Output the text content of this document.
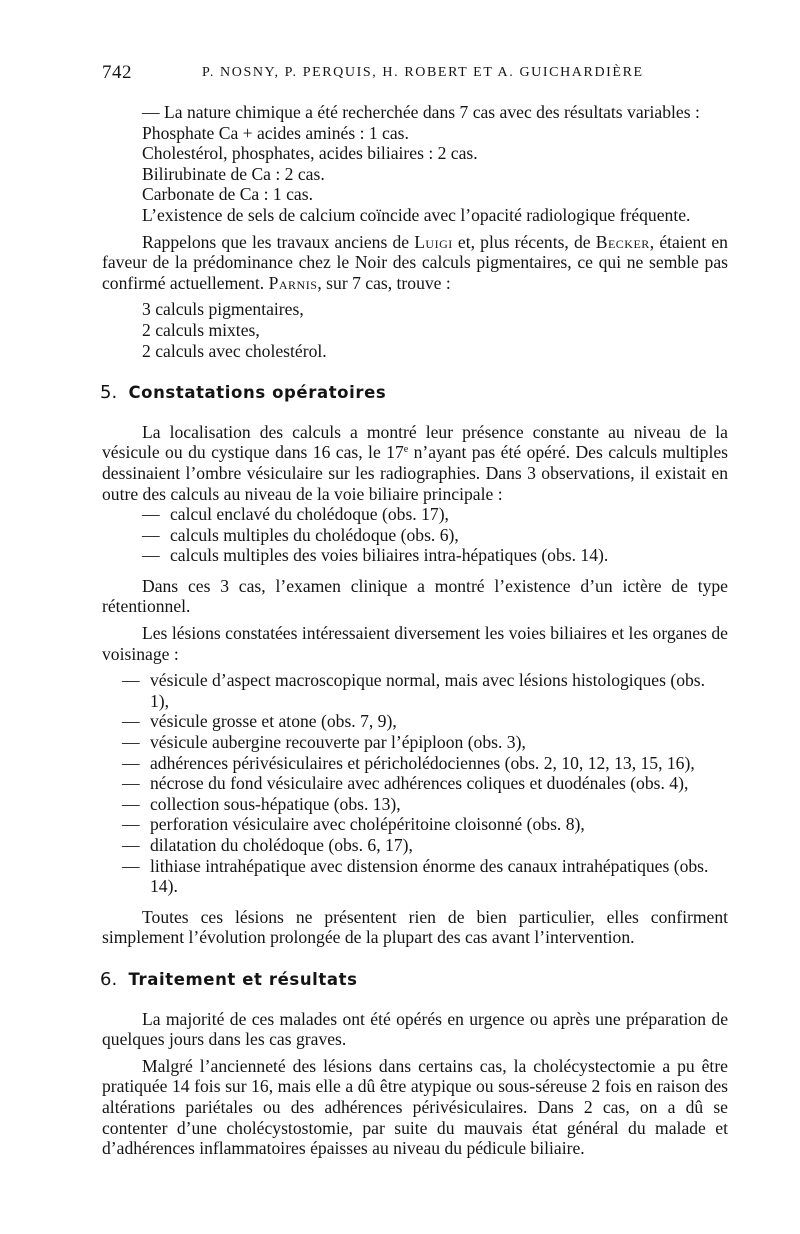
742	P. NOSNY, P. PERQUIS, H. ROBERT ET A. GUICHARDIÈRE

— La nature chimique a été recherchée dans 7 cas avec des résultats variables :

Phosphate Ca + acides aminés : 1 cas.

Cholestérol, phosphates, acides biliaires : 2 cas.

Bilirubinate de Ca : 2 cas.

Carbonate de Ca : 1 cas.

L’existence de sels de calcium coïncide avec l’opacité radiologique fréquente.

Rappelons que les travaux anciens de Luigi et, plus récents, de Becker, étaient en faveur de la prédominance chez le Noir des calculs pigmentaires, ce qui ne semble pas confirmé actuellement. Parnis, sur 7 cas, trouve :

3 calculs pigmentaires,

2 calculs mixtes,

2 calculs avec cholestérol.

5. Constatations opératoires

La localisation des calculs a montré leur présence constante au niveau de la vésicule ou du cystique dans 16 cas, le 17e n’ayant pas été opéré. Des calculs multiples dessinaient l’ombre vésiculaire sur les radiographies. Dans 3 observations, il existait en outre des calculs au niveau de la voie biliaire principale :

— calcul enclavé du cholédoque (obs. 17),
— calculs multiples du cholédoque (obs. 6),
— calculs multiples des voies biliaires intra-hépatiques (obs. 14).

Dans ces 3 cas, l’examen clinique a montré l’existence d’un ictère de type rétentionnel.

Les lésions constatées intéressaient diversement les voies biliaires et les organes de voisinage :

— vésicule d’aspect macroscopique normal, mais avec lésions histologiques (obs. 1),
— vésicule grosse et atone (obs. 7, 9),
— vésicule aubergine recouverte par l’épiploon (obs. 3),
— adhérences périvésiculaires et péricholédociennes (obs. 2, 10, 12, 13, 15, 16),
— nécrose du fond vésiculaire avec adhérences coliques et duodénales (obs. 4),
— collection sous-hépatique (obs. 13),
— perforation vésiculaire avec cholépéritoine cloisonné (obs. 8),
— dilatation du cholédoque (obs. 6, 17),
— lithiase intrahépatique avec distension énorme des canaux intrahépatiques (obs. 14).

Toutes ces lésions ne présentent rien de bien particulier, elles confirment simplement l’évolution prolongée de la plupart des cas avant l’intervention.

6. Traitement et résultats

La majorité de ces malades ont été opérés en urgence ou après une préparation de quelques jours dans les cas graves.

Malgré l’ancienneté des lésions dans certains cas, la cholécystectomie a pu être pratiquée 14 fois sur 16, mais elle a dû être atypique ou sous-séreuse 2 fois en raison des altérations pariétales ou des adhérences périvésiculaires. Dans 2 cas, on a dû se contenter d’une cholécystostomie, par suite du mauvais état général du malade et d’adhérences inflammatoires épaisses au niveau du pédicule biliaire.
